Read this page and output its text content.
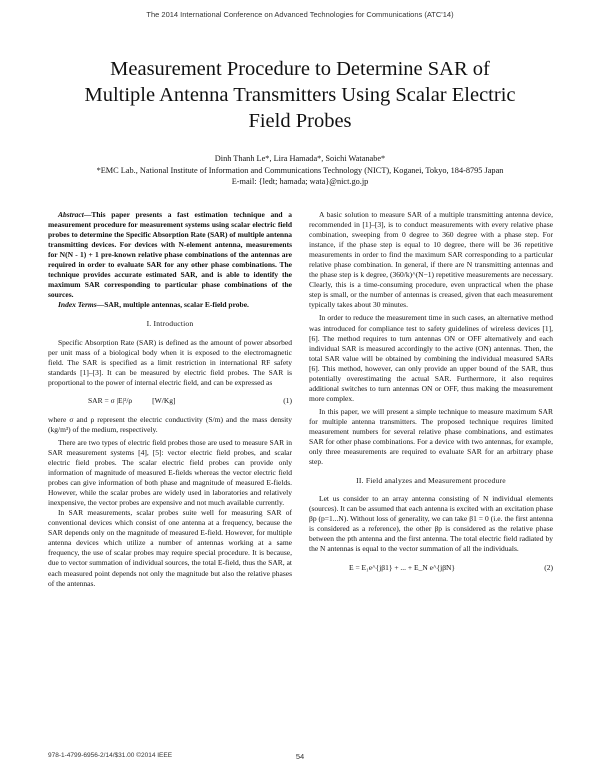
The 2014 International Conference on Advanced Technologies for Communications (ATC'14)
Measurement Procedure to Determine SAR of
Multiple Antenna Transmitters Using Scalar Electric
Field Probes
Dinh Thanh Le*, Lira Hamada*, Soichi Watanabe*
*EMC Lab., National Institute of Information and Communications Technology (NICT), Koganei, Tokyo, 184-8795 Japan
E-mail: {ledt; hamada; wata}@nict.go.jp

Abstract—This paper presents a fast estimation technique and a measurement procedure for measurement systems using scalar electric field probes to determine the Specific Absorption Rate (SAR) of multiple antenna transmitting devices. For devices with N-element antenna, measurements for N(N - 1) + 1 pre-known relative phase combinations of the antennas are required in order to evaluate SAR for any other phase combinations. The technique provides accurate estimated SAR, and is able to identify the maximum SAR corresponding to particular phase combinations of the sources.

Index Terms—SAR, multiple antennas, scalar E-field probe.

I. Introduction

Specific Absorption Rate (SAR) is defined as the amount of power absorbed per unit mass of a biological body when it is exposed to the electromagnetic field. The SAR is specified as a limit restriction in international RF safety standards [1]–[3]. It can be measured by electric field probes. The SAR is proportional to the power of internal electric field, and can be expressed as

SAR = σ |E|²/ρ	[W/Kg]	(1)

where σ and ρ represent the electric conductivity (S/m) and the mass density (kg/m³) of the medium, respectively.

There are two types of electric field probes those are used to measure SAR in SAR measurement systems [4], [5]: vector electric field probes, and scalar electric field probes. The scalar electric field probes can provide only information of magnitude of measured E-fields whereas the vector electric field probes can give information of both phase and magnitude of measured E-fields. However, while the scalar probes are widely used in laboratories and relatively inexpensive, the vector probes are expensive and not much available currently.

In SAR measurements, scalar probes suite well for measuring SAR of conventional devices which consist of one antenna at a frequency, because the SAR depends only on the magnitude of measured E-field. However, for multiple antenna devices which utilize a number of antennas working at a same frequency, the use of scalar probes may require special procedure. It is because, due to vector summation of individual sources, the total E-field, thus the SAR, at each measured point depends not only the magnitude but also the relative phases of the antennas.

A basic solution to measure SAR of a multiple transmitting antenna device, recommended in [1]–[3], is to conduct measurements with every relative phase combination, sweeping from 0 degree to 360 degree with a phase step. For instance, if the phase step is equal to 10 degree, there will be 36 repetitive measurements in order to find the maximum SAR corresponding to a particular relative phase combination. In general, if there are N transmitting antennas and the phase step is k degree, (360/k)^(N−1) repetitive measurements are necessary. Clearly, this is a time-consuming procedure, even unpractical when the phase step is small, or the number of antennas is creased, given that each measurement typically takes about 30 minutes.

In order to reduce the measurement time in such cases, an alternative method was introduced for compliance test to safety guidelines of wireless devices [1], [6]. The method requires to turn antennas ON or OFF alternatively and each individual SAR is measured accordingly to the active (ON) antennas. Then, the total SAR value will be obtained by combining the individual measured SARs [6]. This method, however, can only provide an upper bound of the SAR, thus potentially overestimating the actual SAR. Furthermore, it also requires additional switches to turn antennas ON or OFF, thus making the measurement more complex.

In this paper, we will present a simple technique to measure maximum SAR for multiple antenna transmitters. The proposed technique requires limited measurement numbers for several relative phase combinations, and estimates SAR for other phase combinations. For a device with two antennas, for example, only three measurements are required to evaluate SAR for an arbitrary phase step.

II. Field analyzes and Measurement procedure

Let us consider to an array antenna consisting of N individual elements (sources). It can be assumed that each antenna is excited with an excitation phase βp (p=1...N). Without loss of generality, we can take β1 = 0 (i.e. the first antenna is considered as a reference), the other βp is considered as the relative phase between the pth antenna and the first antenna. The total electric field radiated by the N antennas is equal to the vector summation of all the individuals.

E = E₁e^{jβ1} + ... + E_N e^{jβN}	(2)
978-1-4799-6956-2/14/$31.00 ©2014 IEEE	54
